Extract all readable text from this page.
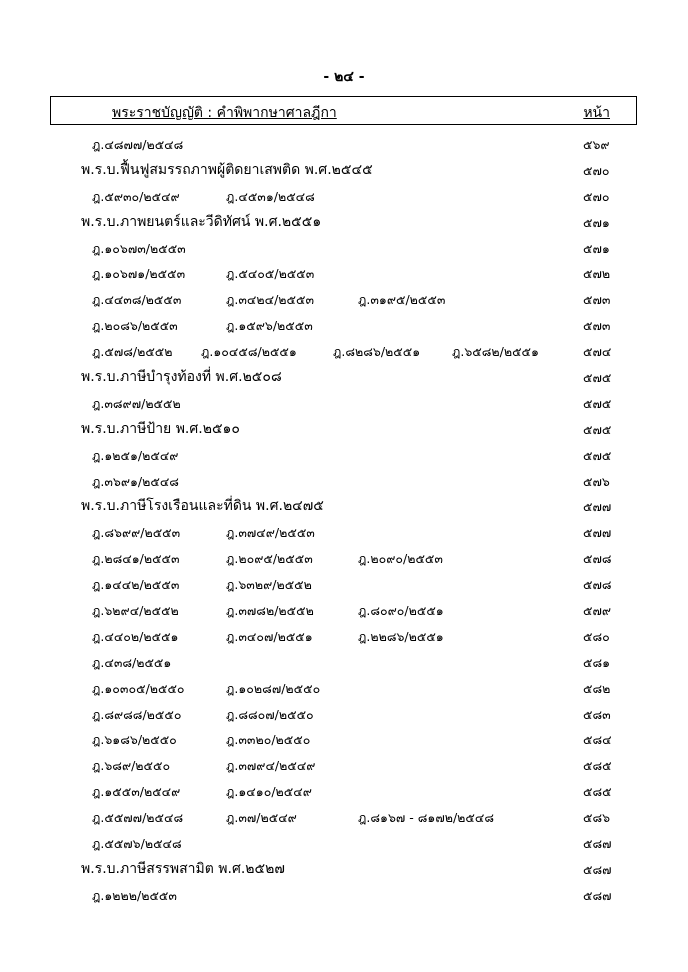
- ๒๔ -
พระราชบัญญัติ : คำพิพากษาศาลฎีกา	หน้า
ฎ.๔๘๗๗/๒๕๔๘	๕๖๙
พ.ร.บ.ฟื้นฟูสมรรถภาพผู้ติดยาเสพติด พ.ศ.๒๕๔๕	๕๗๐
ฎ.๕๙๓๐/๒๕๔๙	ฎ.๔๕๓๑/๒๕๔๘	๕๗๐
พ.ร.บ.ภาพยนตร์และวีดิทัศน์ พ.ศ.๒๕๕๑	๕๗๑
ฎ.๑๐๖๗๓/๒๕๕๓	๕๗๑
ฎ.๑๐๖๗๑/๒๕๕๓	ฎ.๕๔๐๕/๒๕๕๓	๕๗๒
ฎ.๔๔๓๘/๒๕๕๓	ฎ.๓๔๒๔/๒๕๕๓	ฎ.๓๑๙๕/๒๕๕๓	๕๗๓
ฎ.๒๐๘๖/๒๕๕๓	ฎ.๑๕๙๖/๒๕๕๓	๕๗๓
ฎ.๕๗๘/๒๕๕๒ ฎ.๑๐๔๕๘/๒๕๕๑	ฎ.๘๒๘๖/๒๕๕๑	ฎ.๖๕๘๒/๒๕๕๑	๕๗๔
พ.ร.บ.ภาษีบำรุงท้องที่ พ.ศ.๒๕๐๘	๕๗๕
ฎ.๓๘๙๗/๒๕๕๒	๕๗๕
พ.ร.บ.ภาษีป้าย พ.ศ.๒๕๑๐	๕๗๕
ฎ.๑๒๕๑/๒๕๔๙	๕๗๕
ฎ.๓๖๙๑/๒๕๔๘	๕๗๖
พ.ร.บ.ภาษีโรงเรือนและที่ดิน พ.ศ.๒๔๗๕	๕๗๗
ฎ.๘๖๙๙/๒๕๕๓	ฎ.๓๗๔๙/๒๕๕๓	๕๗๗
ฎ.๒๘๔๑/๒๕๕๓	ฎ.๒๐๙๕/๒๕๕๓	ฎ.๒๐๙๐/๒๕๕๓	๕๗๘
ฎ.๑๔๔๒/๒๕๕๓	ฎ.๖๓๒๙/๒๕๕๒	๕๗๘
ฎ.๖๒๙๔/๒๕๕๒	ฎ.๓๗๘๒/๒๕๕๒	ฎ.๘๐๙๐/๒๕๕๑	๕๗๙
ฎ.๔๔๐๒/๒๕๕๑	ฎ.๓๔๐๗/๒๕๕๑	ฎ.๒๒๘๖/๒๕๕๑	๕๘๐
ฎ.๔๓๘/๒๕๕๑	๕๘๑
ฎ.๑๐๓๐๕/๒๕๕๐	ฎ.๑๐๒๘๗/๒๕๕๐	๕๘๒
ฎ.๘๙๘๘/๒๕๕๐	ฎ.๘๘๐๗/๒๕๕๐	๕๘๓
ฎ.๖๑๘๖/๒๕๕๐	ฎ.๓๓๒๐/๒๕๕๐	๕๘๔
ฎ.๖๘๙/๒๕๕๐	ฎ.๓๗๙๔/๒๕๔๙	๕๘๕
ฎ.๑๕๕๓/๒๕๔๙	ฎ.๑๔๑๐/๒๕๔๙	๕๘๕
ฎ.๕๕๗๗/๒๕๔๘	ฎ.๓๗/๒๕๔๙	ฎ.๘๑๖๗ - ๘๑๗๒/๒๕๔๘	๕๘๖
ฎ.๕๕๗๖/๒๕๔๘	๕๘๗
พ.ร.บ.ภาษีสรรพสามิต พ.ศ.๒๕๒๗	๕๘๗
ฎ.๑๒๒๒/๒๕๕๓	๕๘๗
